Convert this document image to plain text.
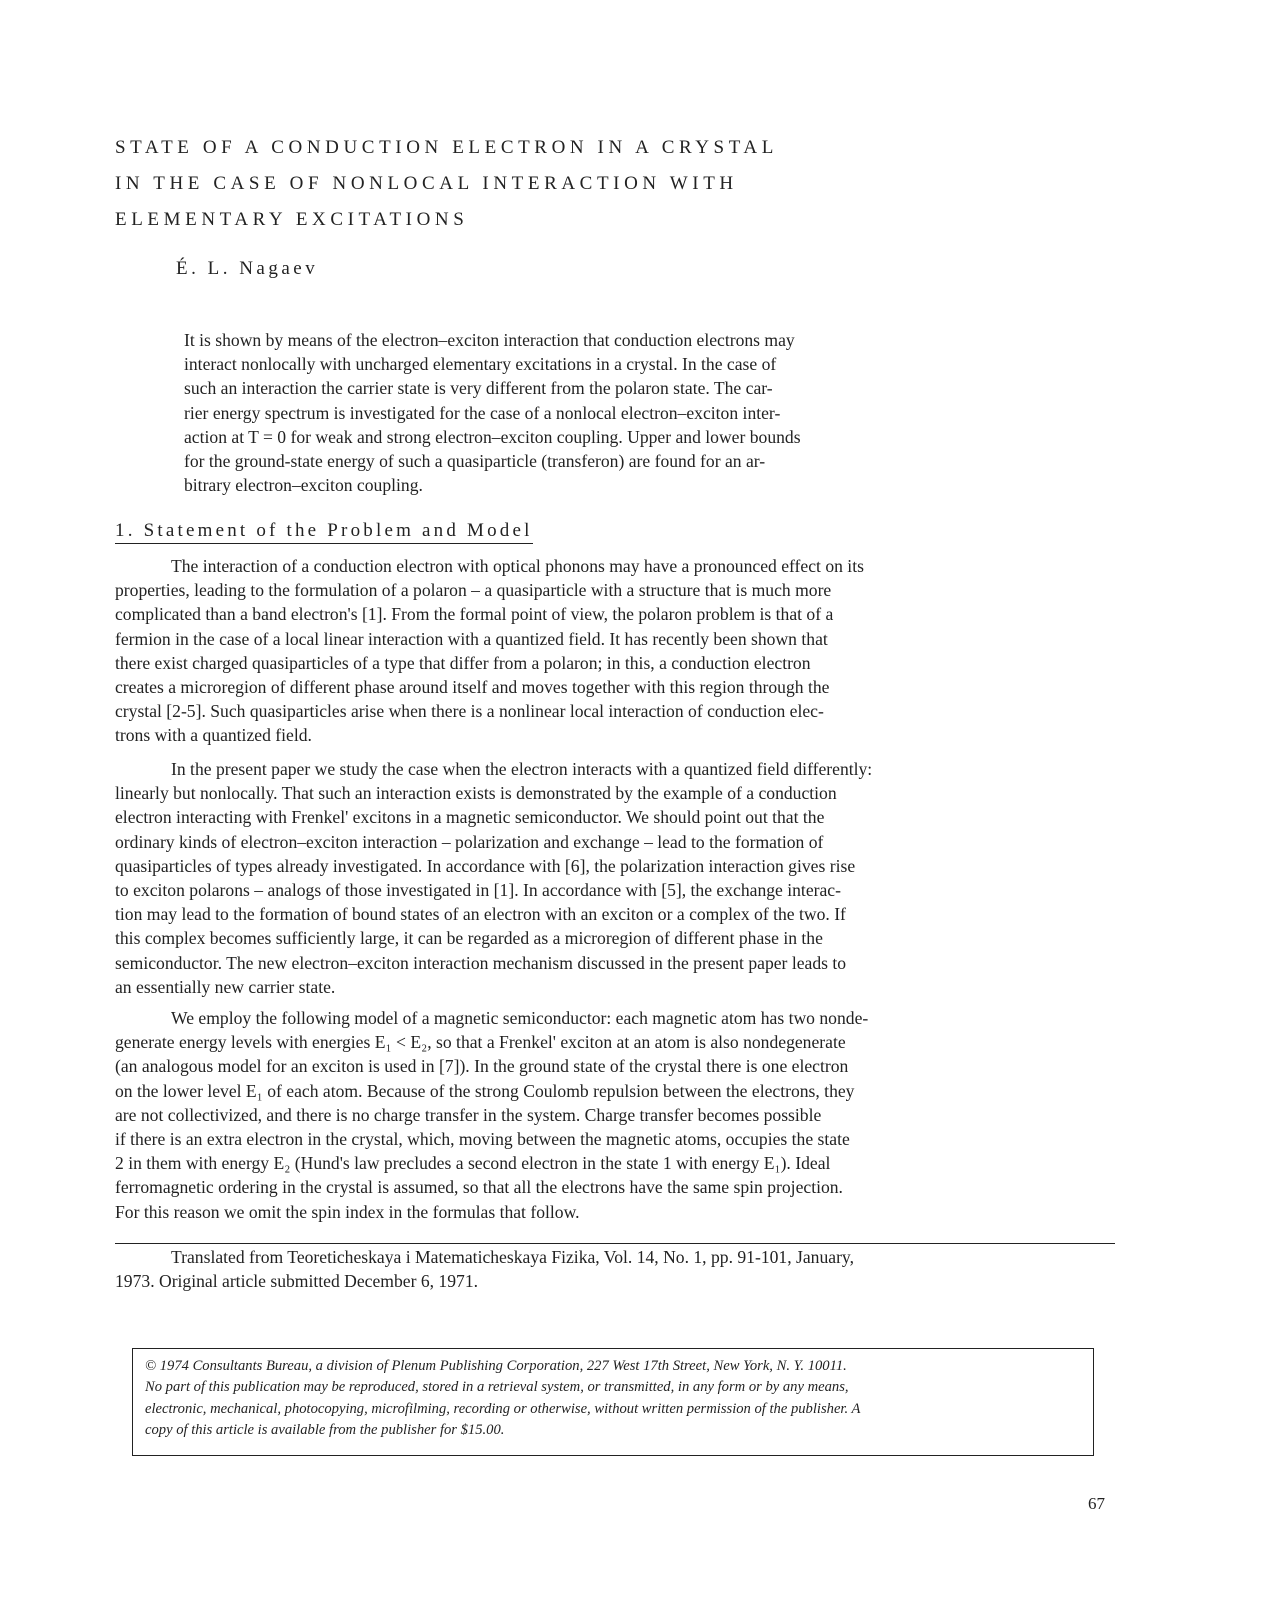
STATE OF A CONDUCTION ELECTRON IN A CRYSTAL
IN THE CASE OF NONLOCAL INTERACTION WITH
ELEMENTARY EXCITATIONS
É. L. Nagaev
It is shown by means of the electron–exciton interaction that conduction electrons may
interact nonlocally with uncharged elementary excitations in a crystal. In the case of
such an interaction the carrier state is very different from the polaron state. The car-
rier energy spectrum is investigated for the case of a nonlocal electron–exciton inter-
action at T = 0 for weak and strong electron–exciton coupling. Upper and lower bounds
for the ground-state energy of such a quasiparticle (transferon) are found for an ar-
bitrary electron–exciton coupling.
1. Statement of the Problem and Model
The interaction of a conduction electron with optical phonons may have a pronounced effect on its
properties, leading to the formulation of a polaron – a quasiparticle with a structure that is much more
complicated than a band electron's [1]. From the formal point of view, the polaron problem is that of a
fermion in the case of a local linear interaction with a quantized field. It has recently been shown that
there exist charged quasiparticles of a type that differ from a polaron; in this, a conduction electron
creates a microregion of different phase around itself and moves together with this region through the
crystal [2-5]. Such quasiparticles arise when there is a nonlinear local interaction of conduction elec-
trons with a quantized field.
In the present paper we study the case when the electron interacts with a quantized field differently:
linearly but nonlocally. That such an interaction exists is demonstrated by the example of a conduction
electron interacting with Frenkel' excitons in a magnetic semiconductor. We should point out that the
ordinary kinds of electron–exciton interaction – polarization and exchange – lead to the formation of
quasiparticles of types already investigated. In accordance with [6], the polarization interaction gives rise
to exciton polarons – analogs of those investigated in [1]. In accordance with [5], the exchange interac-
tion may lead to the formation of bound states of an electron with an exciton or a complex of the two. If
this complex becomes sufficiently large, it can be regarded as a microregion of different phase in the
semiconductor. The new electron–exciton interaction mechanism discussed in the present paper leads to
an essentially new carrier state.
We employ the following model of a magnetic semiconductor: each magnetic atom has two nonde-
generate energy levels with energies E₁ < E₂, so that a Frenkel' exciton at an atom is also nondegenerate
(an analogous model for an exciton is used in [7]). In the ground state of the crystal there is one electron
on the lower level E₁ of each atom. Because of the strong Coulomb repulsion between the electrons, they
are not collectivized, and there is no charge transfer in the system. Charge transfer becomes possible
if there is an extra electron in the crystal, which, moving between the magnetic atoms, occupies the state
2 in them with energy E₂ (Hund's law precludes a second electron in the state 1 with energy E₁). Ideal
ferromagnetic ordering in the crystal is assumed, so that all the electrons have the same spin projection.
For this reason we omit the spin index in the formulas that follow.
Translated from Teoreticheskaya i Matematicheskaya Fizika, Vol. 14, No. 1, pp. 91-101, January,
1973. Original article submitted December 6, 1971.
© 1974 Consultants Bureau, a division of Plenum Publishing Corporation, 227 West 17th Street, New York, N. Y. 10011.
No part of this publication may be reproduced, stored in a retrieval system, or transmitted, in any form or by any means,
electronic, mechanical, photocopying, microfilming, recording or otherwise, without written permission of the publisher. A
copy of this article is available from the publisher for $15.00.
67
